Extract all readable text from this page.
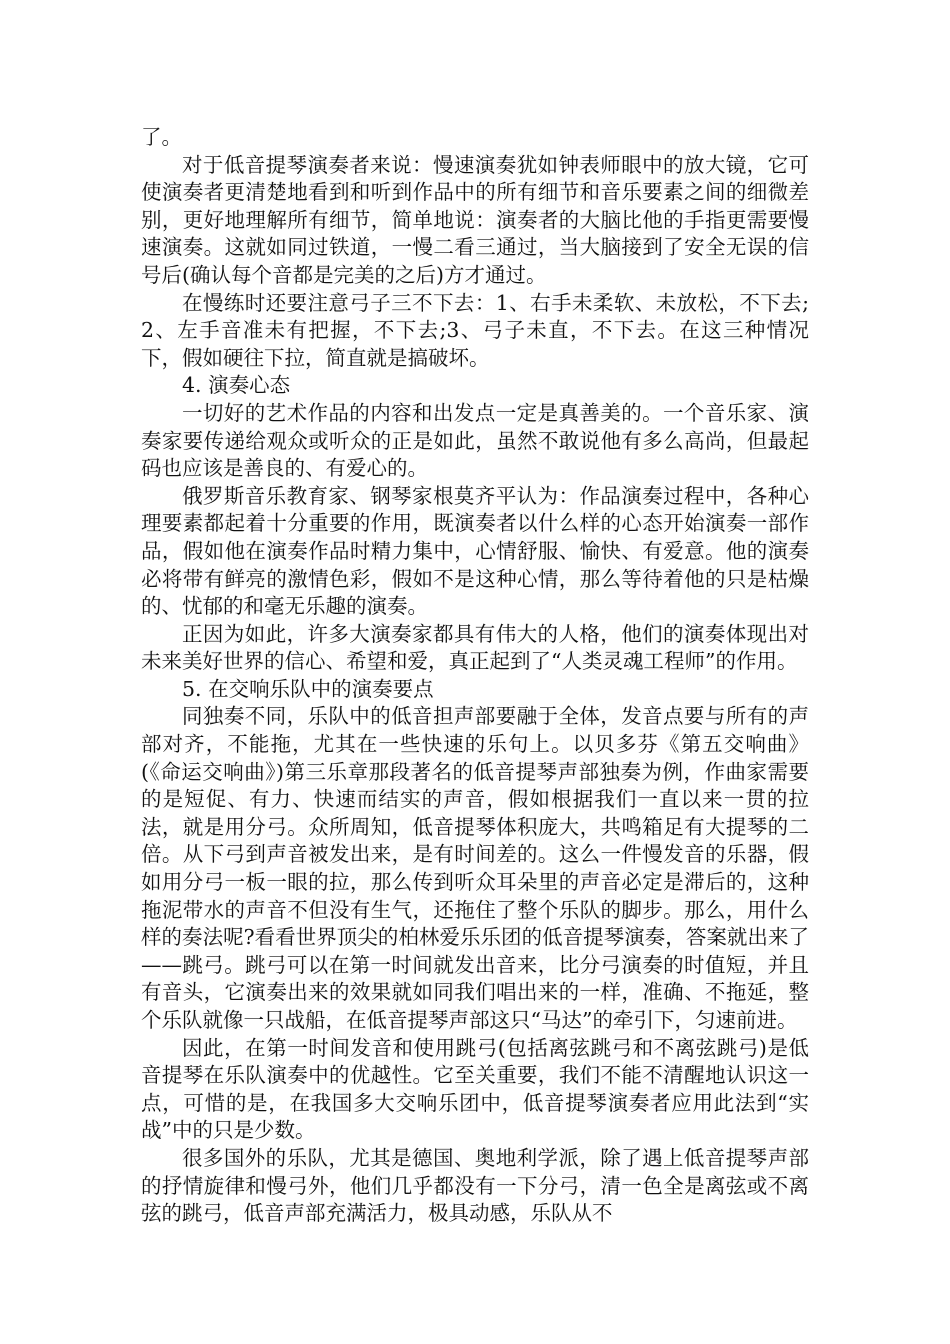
了。

对于低音提琴演奏者来说：慢速演奏犹如钟表师眼中的放大镜，它可使演奏者更清楚地看到和听到作品中的所有细节和音乐要素之间的细微差别，更好地理解所有细节，简单地说：演奏者的大脑比他的手指更需要慢速演奏。这就如同过铁道，一慢二看三通过，当大脑接到了安全无误的信号后(确认每个音都是完美的之后)方才通过。

在慢练时还要注意弓子三不下去：1、右手未柔软、未放松，不下去;2、左手音准未有把握，不下去;3、弓子未直，不下去。在这三种情况下，假如硬往下拉，简直就是搞破坏。

4. 演奏心态

一切好的艺术作品的内容和出发点一定是真善美的。一个音乐家、演奏家要传递给观众或听众的正是如此，虽然不敢说他有多么高尚，但最起码也应该是善良的、有爱心的。

俄罗斯音乐教育家、钢琴家根莫齐平认为：作品演奏过程中，各种心理要素都起着十分重要的作用，既演奏者以什么样的心态开始演奏一部作品，假如他在演奏作品时精力集中，心情舒服、愉快、有爱意。他的演奏必将带有鲜亮的激情色彩，假如不是这种心情，那么等待着他的只是枯燥的、忧郁的和毫无乐趣的演奏。

正因为如此，许多大演奏家都具有伟大的人格，他们的演奏体现出对未来美好世界的信心、希望和爱，真正起到了“人类灵魂工程师”的作用。

5. 在交响乐队中的演奏要点

同独奏不同，乐队中的低音担声部要融于全体，发音点要与所有的声部对齐，不能拖，尤其在一些快速的乐句上。以贝多芬《第五交响曲》(《命运交响曲》)第三乐章那段著名的低音提琴声部独奏为例，作曲家需要的是短促、有力、快速而结实的声音，假如根据我们一直以来一贯的拉法，就是用分弓。众所周知，低音提琴体积庞大，共鸣箱足有大提琴的二倍。从下弓到声音被发出来，是有时间差的。这么一件慢发音的乐器，假如用分弓一板一眼的拉，那么传到听众耳朵里的声音必定是滞后的，这种拖泥带水的声音不但没有生气，还拖住了整个乐队的脚步。那么，用什么样的奏法呢?看看世界顶尖的柏林爱乐乐团的低音提琴演奏，答案就出来了——跳弓。跳弓可以在第一时间就发出音来，比分弓演奏的时值短，并且有音头，它演奏出来的效果就如同我们唱出来的一样，准确、不拖延，整个乐队就像一只战船，在低音提琴声部这只“马达”的牵引下，匀速前进。

因此，在第一时间发音和使用跳弓(包括离弦跳弓和不离弦跳弓)是低音提琴在乐队演奏中的优越性。它至关重要，我们不能不清醒地认识这一点，可惜的是，在我国多大交响乐团中，低音提琴演奏者应用此法到“实战”中的只是少数。

很多国外的乐队，尤其是德国、奥地利学派，除了遇上低音提琴声部的抒情旋律和慢弓外，他们几乎都没有一下分弓，清一色全是离弦或不离弦的跳弓，低音声部充满活力，极具动感，乐队从不
